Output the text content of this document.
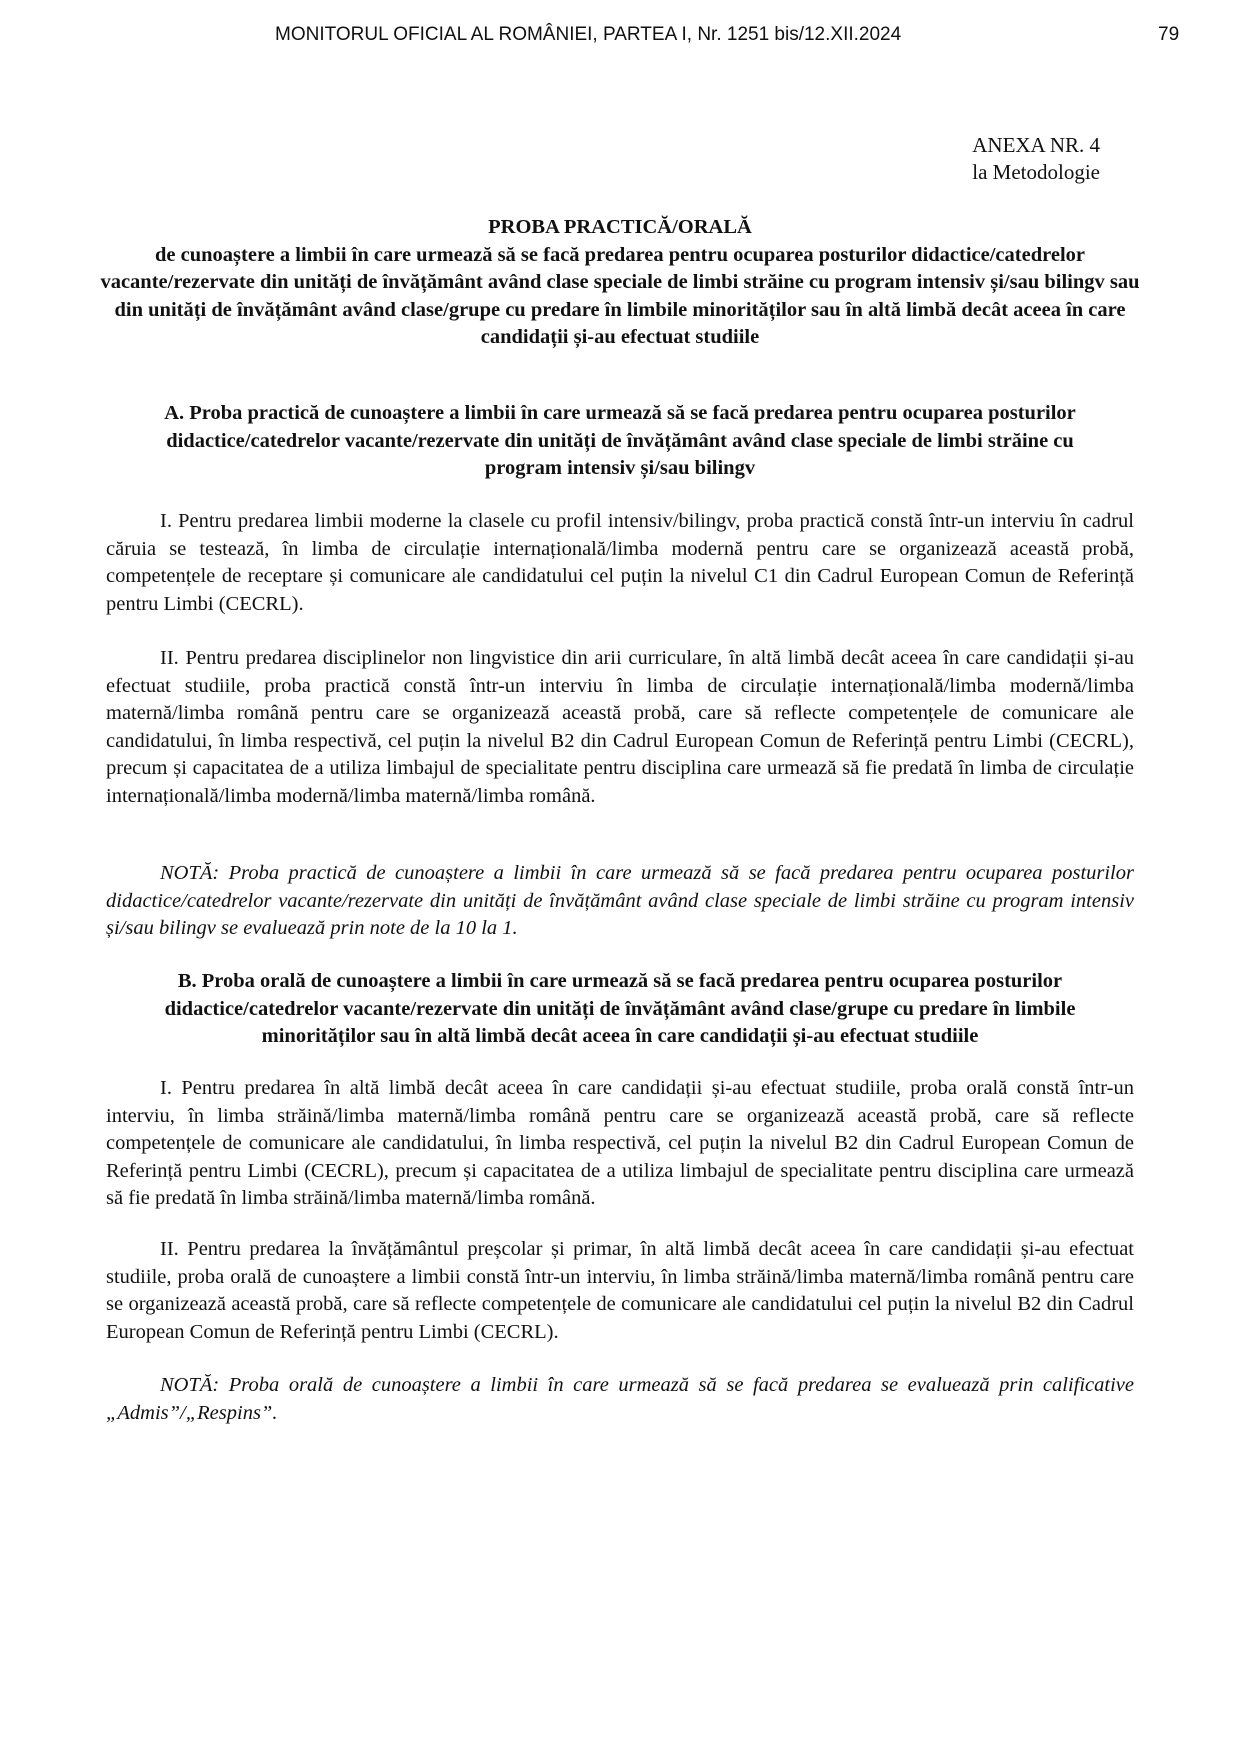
MONITORUL OFICIAL AL ROMÂNIEI, PARTEA I, Nr. 1251 bis/12.XII.2024	79
ANEXA NR. 4
la Metodologie
PROBA PRACTICĂ/ORALĂ
de cunoaștere a limbii în care urmează să se facă predarea pentru ocuparea posturilor didactice/catedrelor vacante/rezervate din unități de învățământ având clase speciale de limbi străine cu program intensiv și/sau bilingv sau din unități de învățământ având clase/grupe cu predare în limbile minorităților sau în altă limbă decât aceea în care candidații și-au efectuat studiile
A. Proba practică de cunoaștere a limbii în care urmează să se facă predarea pentru ocuparea posturilor didactice/catedrelor vacante/rezervate din unități de învățământ având clase speciale de limbi străine cu program intensiv și/sau bilingv
I. Pentru predarea limbii moderne la clasele cu profil intensiv/bilingv, proba practică constă într-un interviu în cadrul căruia se testează, în limba de circulație internațională/limba modernă pentru care se organizează această probă, competențele de receptare și comunicare ale candidatului cel puțin la nivelul C1 din Cadrul European Comun de Referință pentru Limbi (CECRL).
II. Pentru predarea disciplinelor non lingvistice din arii curriculare, în altă limbă decât aceea în care candidații și-au efectuat studiile, proba practică constă într-un interviu în limba de circulație internațională/limba modernă/limba maternă/limba română pentru care se organizează această probă, care să reflecte competențele de comunicare ale candidatului, în limba respectivă, cel puțin la nivelul B2 din Cadrul European Comun de Referință pentru Limbi (CECRL), precum și capacitatea de a utiliza limbajul de specialitate pentru disciplina care urmează să fie predată în limba de circulație internațională/limba modernă/limba maternă/limba română.
NOTĂ: Proba practică de cunoaștere a limbii în care urmează să se facă predarea pentru ocuparea posturilor didactice/catedrelor vacante/rezervate din unități de învățământ având clase speciale de limbi străine cu program intensiv și/sau bilingv se evaluează prin note de la 10 la 1.
B. Proba orală de cunoaștere a limbii în care urmează să se facă predarea pentru ocuparea posturilor didactice/catedrelor vacante/rezervate din unități de învățământ având clase/grupe cu predare în limbile minorităților sau în altă limbă decât aceea în care candidații și-au efectuat studiile
I. Pentru predarea în altă limbă decât aceea în care candidații și-au efectuat studiile, proba orală constă într-un interviu, în limba străină/limba maternă/limba română pentru care se organizează această probă, care să reflecte competențele de comunicare ale candidatului, în limba respectivă, cel puțin la nivelul B2 din Cadrul European Comun de Referință pentru Limbi (CECRL), precum și capacitatea de a utiliza limbajul de specialitate pentru disciplina care urmează să fie predată în limba străină/limba maternă/limba română.
II. Pentru predarea la învățământul preșcolar și primar, în altă limbă decât aceea în care candidații și-au efectuat studiile, proba orală de cunoaștere a limbii constă într-un interviu, în limba străină/limba maternă/limba română pentru care se organizează această probă, care să reflecte competențele de comunicare ale candidatului cel puțin la nivelul B2 din Cadrul European Comun de Referință pentru Limbi (CECRL).
NOTĂ: Proba orală de cunoaștere a limbii în care urmează să se facă predarea se evaluează prin calificative „Admis”/„Respins”.
